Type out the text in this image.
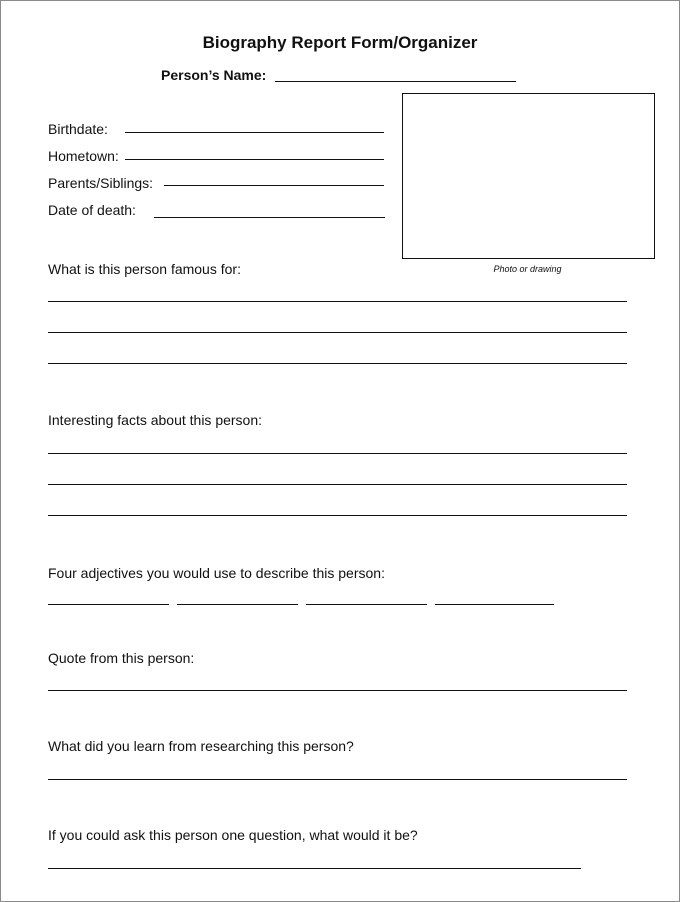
Biography Report Form/Organizer
Person’s Name:
Birthdate:
Hometown:
Parents/Siblings:
Date of death:
Photo or drawing
What is this person famous for:
Interesting facts about this person:
Four adjectives you would use to describe this person:
Quote from this person:
What did you learn from researching this person?
If you could ask this person one question, what would it be?
